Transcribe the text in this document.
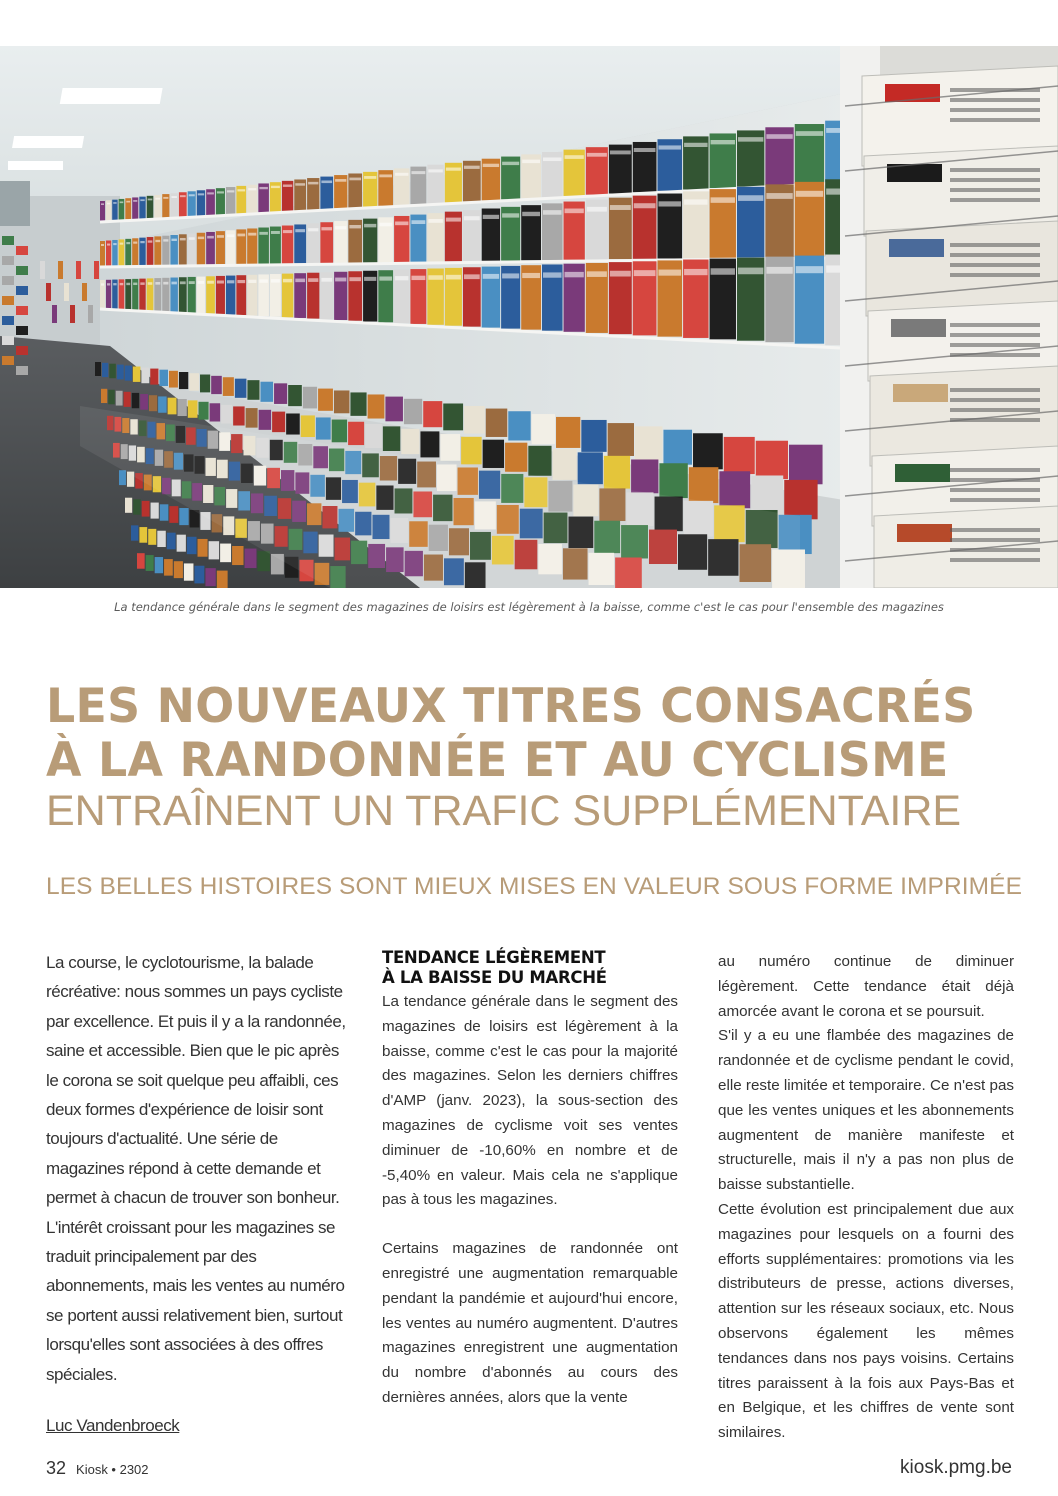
La tendance générale dans le segment des magazines de loisirs est légèrement à la baisse, comme c'est le cas pour l'ensemble des magazines
LES NOUVEAUX TITRES CONSACRÉS
À LA RANDONNÉE ET AU CYCLISME
ENTRAÎNENT UN TRAFIC SUPPLÉMENTAIRE
LES BELLES HISTOIRES SONT MIEUX MISES EN VALEUR SOUS FORME IMPRIMÉE

La course, le cyclotourisme, la balade récréative: nous sommes un pays cycliste par excellence. Et puis il y a la randonnée, saine et accessible. Bien que le pic après le corona se soit quelque peu affaibli, ces deux formes d'expérience de loisir sont toujours d'actualité. Une série de magazines répond à cette demande et permet à chacun de trouver son bonheur. L'intérêt croissant pour les magazines se traduit principalement par des abonnements, mais les ventes au numéro se portent aussi relativement bien, surtout lorsqu'elles sont associées à des offres spéciales.

Luc Vandenbroeck

TENDANCE LÉGÈREMENT
À LA BAISSE DU MARCHÉ

La tendance générale dans le segment des magazines de loisirs est légèrement à la baisse, comme c'est le cas pour la majorité des magazines. Selon les derniers chiffres d'AMP (janv. 2023), la sous-section des magazines de cyclisme voit ses ventes diminuer de -10,60% en nombre et de -5,40% en valeur. Mais cela ne s'applique pas à tous les magazines.

Certains magazines de randonnée ont enregistré une augmentation remarquable pendant la pandémie et aujourd'hui encore, les ventes au numéro augmentent. D'autres magazines enregistrent une augmentation du nombre d'abonnés au cours des dernières années, alors que la vente

au numéro continue de diminuer légèrement. Cette tendance était déjà amorcée avant le corona et se poursuit.

S'il y a eu une flambée des magazines de randonnée et de cyclisme pendant le covid, elle reste limitée et temporaire. Ce n'est pas que les ventes uniques et les abonnements augmentent de manière manifeste et structurelle, mais il n'y a pas non plus de baisse substantielle.

Cette évolution est principalement due aux magazines pour lesquels on a fourni des efforts supplémentaires: promotions via les distributeurs de presse, actions diverses, attention sur les réseaux sociaux, etc. Nous observons également les mêmes tendances dans nos pays voisins. Certains titres paraissent à la fois aux Pays-Bas et en Belgique, et les chiffres de vente sont similaires.

32 Kiosk • 2302	kiosk.pmg.be
